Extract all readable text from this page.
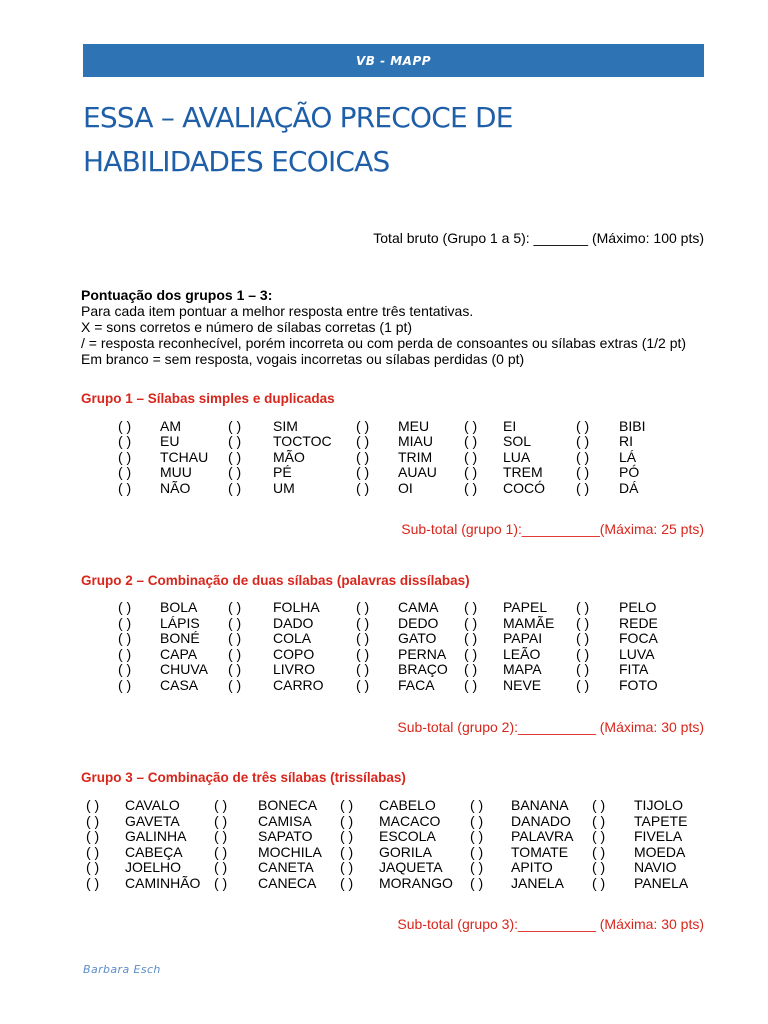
VB - MAPP
ESSA – AVALIAÇÃO PRECOCE DE
HABILIDADES ECOICAS
Total bruto (Grupo 1 a 5): _______ (Máximo: 100 pts)
Pontuação dos grupos 1 – 3:
Para cada item pontuar a melhor resposta entre três tentativas.
X = sons corretos e número de sílabas corretas (1 pt)
/ = resposta reconhecível, porém incorreta ou com perda de consoantes ou sílabas extras (1/2 pt)
Em branco = sem resposta, vogais incorretas ou sílabas perdidas (0 pt)
Grupo 1 – Sílabas simples e duplicadas
( ) AM
( ) EU
( ) TCHAU
( ) MUU
( ) NÃO
( ) SIM
( ) TOCTOC
( ) MÃO
( ) PÉ
( ) UM
( ) MEU
( ) MIAU
( ) TRIM
( ) AUAU
( ) OI
( ) EI
( ) SOL
( ) LUA
( ) TREM
( ) COCÓ
( ) BIBI
( ) RI
( ) LÁ
( ) PÓ
( ) DÁ
Sub-total (grupo 1):__________(Máxima: 25 pts)
Grupo 2 – Combinação de duas sílabas (palavras dissílabas)
( ) BOLA
( ) LÁPIS
( ) BONÉ
( ) CAPA
( ) CHUVA
( ) CASA
( ) FOLHA
( ) DADO
( ) COLA
( ) COPO
( ) LIVRO
( ) CARRO
( ) CAMA
( ) DEDO
( ) GATO
( ) PERNA
( ) BRAÇO
( ) FACA
( ) PAPEL
( ) MAMÃE
( ) PAPAI
( ) LEÃO
( ) MAPA
( ) NEVE
( ) PELO
( ) REDE
( ) FOCA
( ) LUVA
( ) FITA
( ) FOTO
Sub-total (grupo 2):__________ (Máxima: 30 pts)
Grupo 3 – Combinação de três sílabas (trissílabas)
( ) CAVALO
( ) GAVETA
( ) GALINHA
( ) CABEÇA
( ) JOELHO
( ) CAMINHÃO
( ) BONECA
( ) CAMISA
( ) SAPATO
( ) MOCHILA
( ) CANETA
( ) CANECA
( ) CABELO
( ) MACACO
( ) ESCOLA
( ) GORILA
( ) JAQUETA
( ) MORANGO
( ) BANANA
( ) DANADO
( ) PALAVRA
( ) TOMATE
( ) APITO
( ) JANELA
( ) TIJOLO
( ) TAPETE
( ) FIVELA
( ) MOEDA
( ) NAVIO
( ) PANELA
Sub-total (grupo 3):__________ (Máxima: 30 pts)
Barbara Esch
